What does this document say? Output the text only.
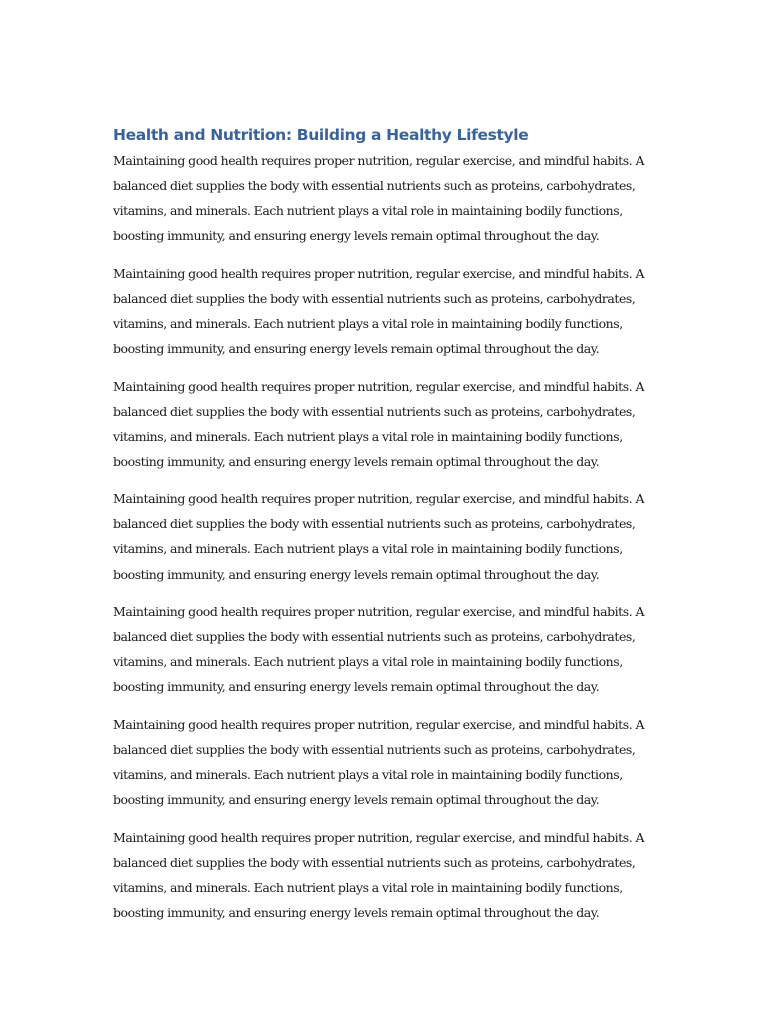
Health and Nutrition: Building a Healthy Lifestyle

Maintaining good health requires proper nutrition, regular exercise, and mindful habits. A
balanced diet supplies the body with essential nutrients such as proteins, carbohydrates,
vitamins, and minerals. Each nutrient plays a vital role in maintaining bodily functions,
boosting immunity, and ensuring energy levels remain optimal throughout the day.

Maintaining good health requires proper nutrition, regular exercise, and mindful habits. A
balanced diet supplies the body with essential nutrients such as proteins, carbohydrates,
vitamins, and minerals. Each nutrient plays a vital role in maintaining bodily functions,
boosting immunity, and ensuring energy levels remain optimal throughout the day.

Maintaining good health requires proper nutrition, regular exercise, and mindful habits. A
balanced diet supplies the body with essential nutrients such as proteins, carbohydrates,
vitamins, and minerals. Each nutrient plays a vital role in maintaining bodily functions,
boosting immunity, and ensuring energy levels remain optimal throughout the day.

Maintaining good health requires proper nutrition, regular exercise, and mindful habits. A
balanced diet supplies the body with essential nutrients such as proteins, carbohydrates,
vitamins, and minerals. Each nutrient plays a vital role in maintaining bodily functions,
boosting immunity, and ensuring energy levels remain optimal throughout the day.

Maintaining good health requires proper nutrition, regular exercise, and mindful habits. A
balanced diet supplies the body with essential nutrients such as proteins, carbohydrates,
vitamins, and minerals. Each nutrient plays a vital role in maintaining bodily functions,
boosting immunity, and ensuring energy levels remain optimal throughout the day.

Maintaining good health requires proper nutrition, regular exercise, and mindful habits. A
balanced diet supplies the body with essential nutrients such as proteins, carbohydrates,
vitamins, and minerals. Each nutrient plays a vital role in maintaining bodily functions,
boosting immunity, and ensuring energy levels remain optimal throughout the day.

Maintaining good health requires proper nutrition, regular exercise, and mindful habits. A
balanced diet supplies the body with essential nutrients such as proteins, carbohydrates,
vitamins, and minerals. Each nutrient plays a vital role in maintaining bodily functions,
boosting immunity, and ensuring energy levels remain optimal throughout the day.
